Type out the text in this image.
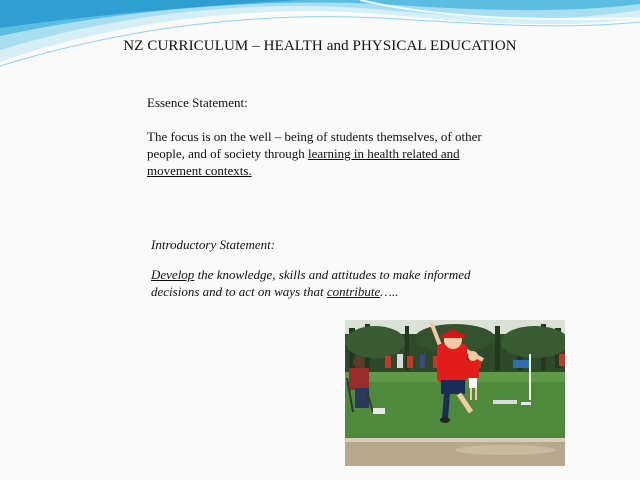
NZ CURRICULUM – HEALTH and PHYSICAL EDUCATION
Essence Statement:
The focus is on the well – being of students themselves, of other people, and of society through learning in health related and movement contexts.
Introductory Statement:
Develop the knowledge, skills and attitudes to make informed decisions and to act on ways that contribute…..
